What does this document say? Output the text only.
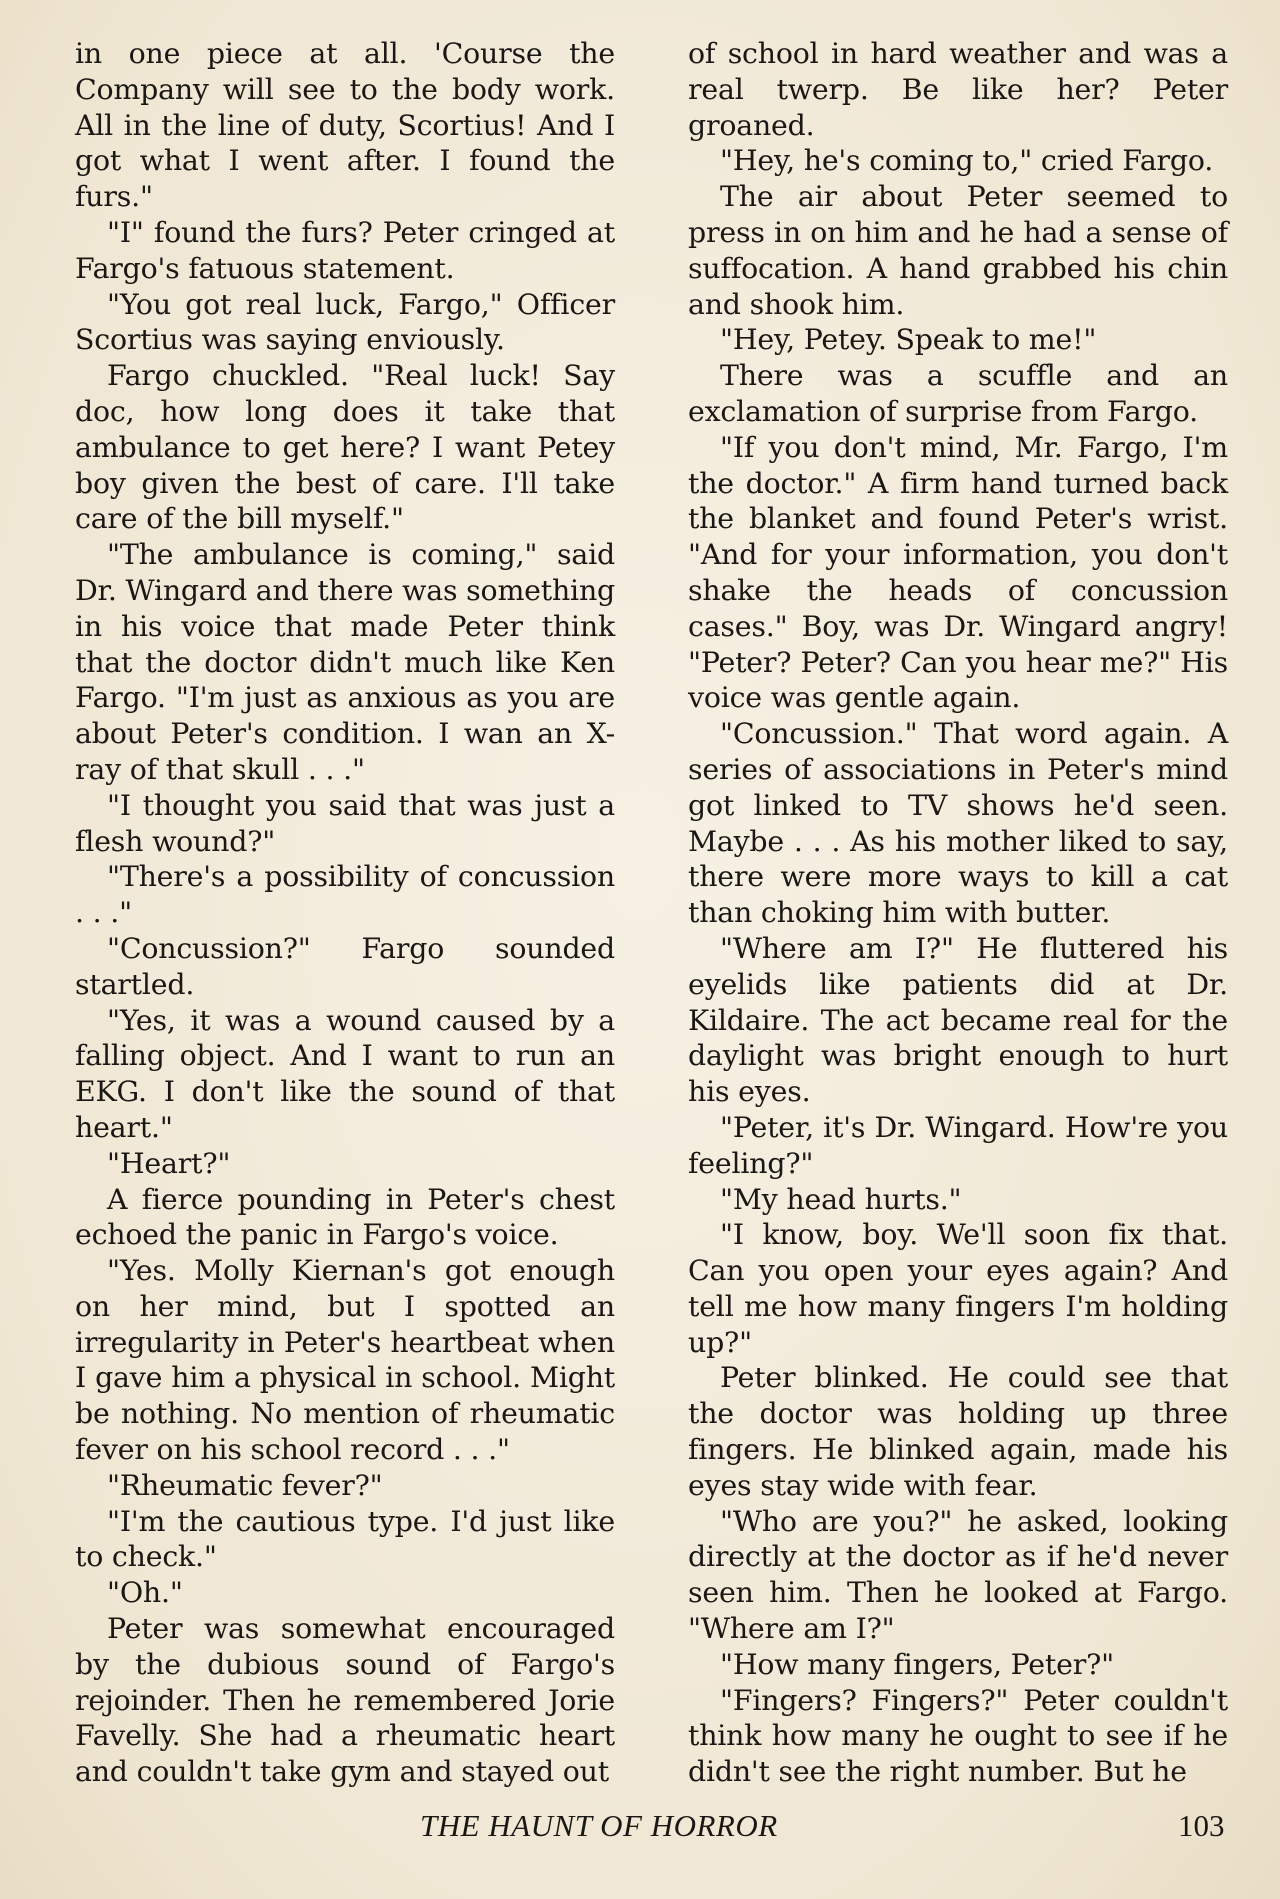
in one piece at all. 'Course the Company will see to the body work. All in the line of duty, Scortius! And I got what I went after. I found the furs."

"I" found the furs? Peter cringed at Fargo's fatuous statement.

"You got real luck, Fargo," Officer Scortius was saying enviously.

Fargo chuckled. "Real luck! Say doc, how long does it take that ambulance to get here? I want Petey boy given the best of care. I'll take care of the bill myself."

"The ambulance is coming," said Dr. Wingard and there was something in his voice that made Peter think that the doctor didn't much like Ken Fargo. "I'm just as anxious as you are about Peter's condition. I wan an X-ray of that skull . . ."

"I thought you said that was just a flesh wound?"

"There's a possibility of concussion . . ."

"Concussion?" Fargo sounded startled.

"Yes, it was a wound caused by a falling object. And I want to run an EKG. I don't like the sound of that heart."

"Heart?"

A fierce pounding in Peter's chest echoed the panic in Fargo's voice.

"Yes. Molly Kiernan's got enough on her mind, but I spotted an irregularity in Peter's heartbeat when I gave him a physical in school. Might be nothing. No mention of rheumatic fever on his school record . . ."

"Rheumatic fever?"

"I'm the cautious type. I'd just like to check."

"Oh."

Peter was somewhat encouraged by the dubious sound of Fargo's rejoinder. Then he remembered Jorie Favelly. She had a rheumatic heart and couldn't take gym and stayed out

of school in hard weather and was a real twerp. Be like her? Peter groaned.

"Hey, he's coming to," cried Fargo.

The air about Peter seemed to press in on him and he had a sense of suffocation. A hand grabbed his chin and shook him.

"Hey, Petey. Speak to me!"

There was a scuffle and an exclamation of surprise from Fargo.

"If you don't mind, Mr. Fargo, I'm the doctor." A firm hand turned back the blanket and found Peter's wrist. "And for your information, you don't shake the heads of concussion cases." Boy, was Dr. Wingard angry! "Peter? Peter? Can you hear me?" His voice was gentle again.

"Concussion." That word again. A series of associations in Peter's mind got linked to TV shows he'd seen. Maybe . . . As his mother liked to say, there were more ways to kill a cat than choking him with butter.

"Where am I?" He fluttered his eyelids like patients did at Dr. Kildaire. The act became real for the daylight was bright enough to hurt his eyes.

"Peter, it's Dr. Wingard. How're you feeling?"

"My head hurts."

"I know, boy. We'll soon fix that. Can you open your eyes again? And tell me how many fingers I'm holding up?"

Peter blinked. He could see that the doctor was holding up three fingers. He blinked again, made his eyes stay wide with fear.

"Who are you?" he asked, looking directly at the doctor as if he'd never seen him. Then he looked at Fargo. "Where am I?"

"How many fingers, Peter?"

"Fingers? Fingers?" Peter couldn't think how many he ought to see if he didn't see the right number. But he

THE HAUNT OF HORROR	103
